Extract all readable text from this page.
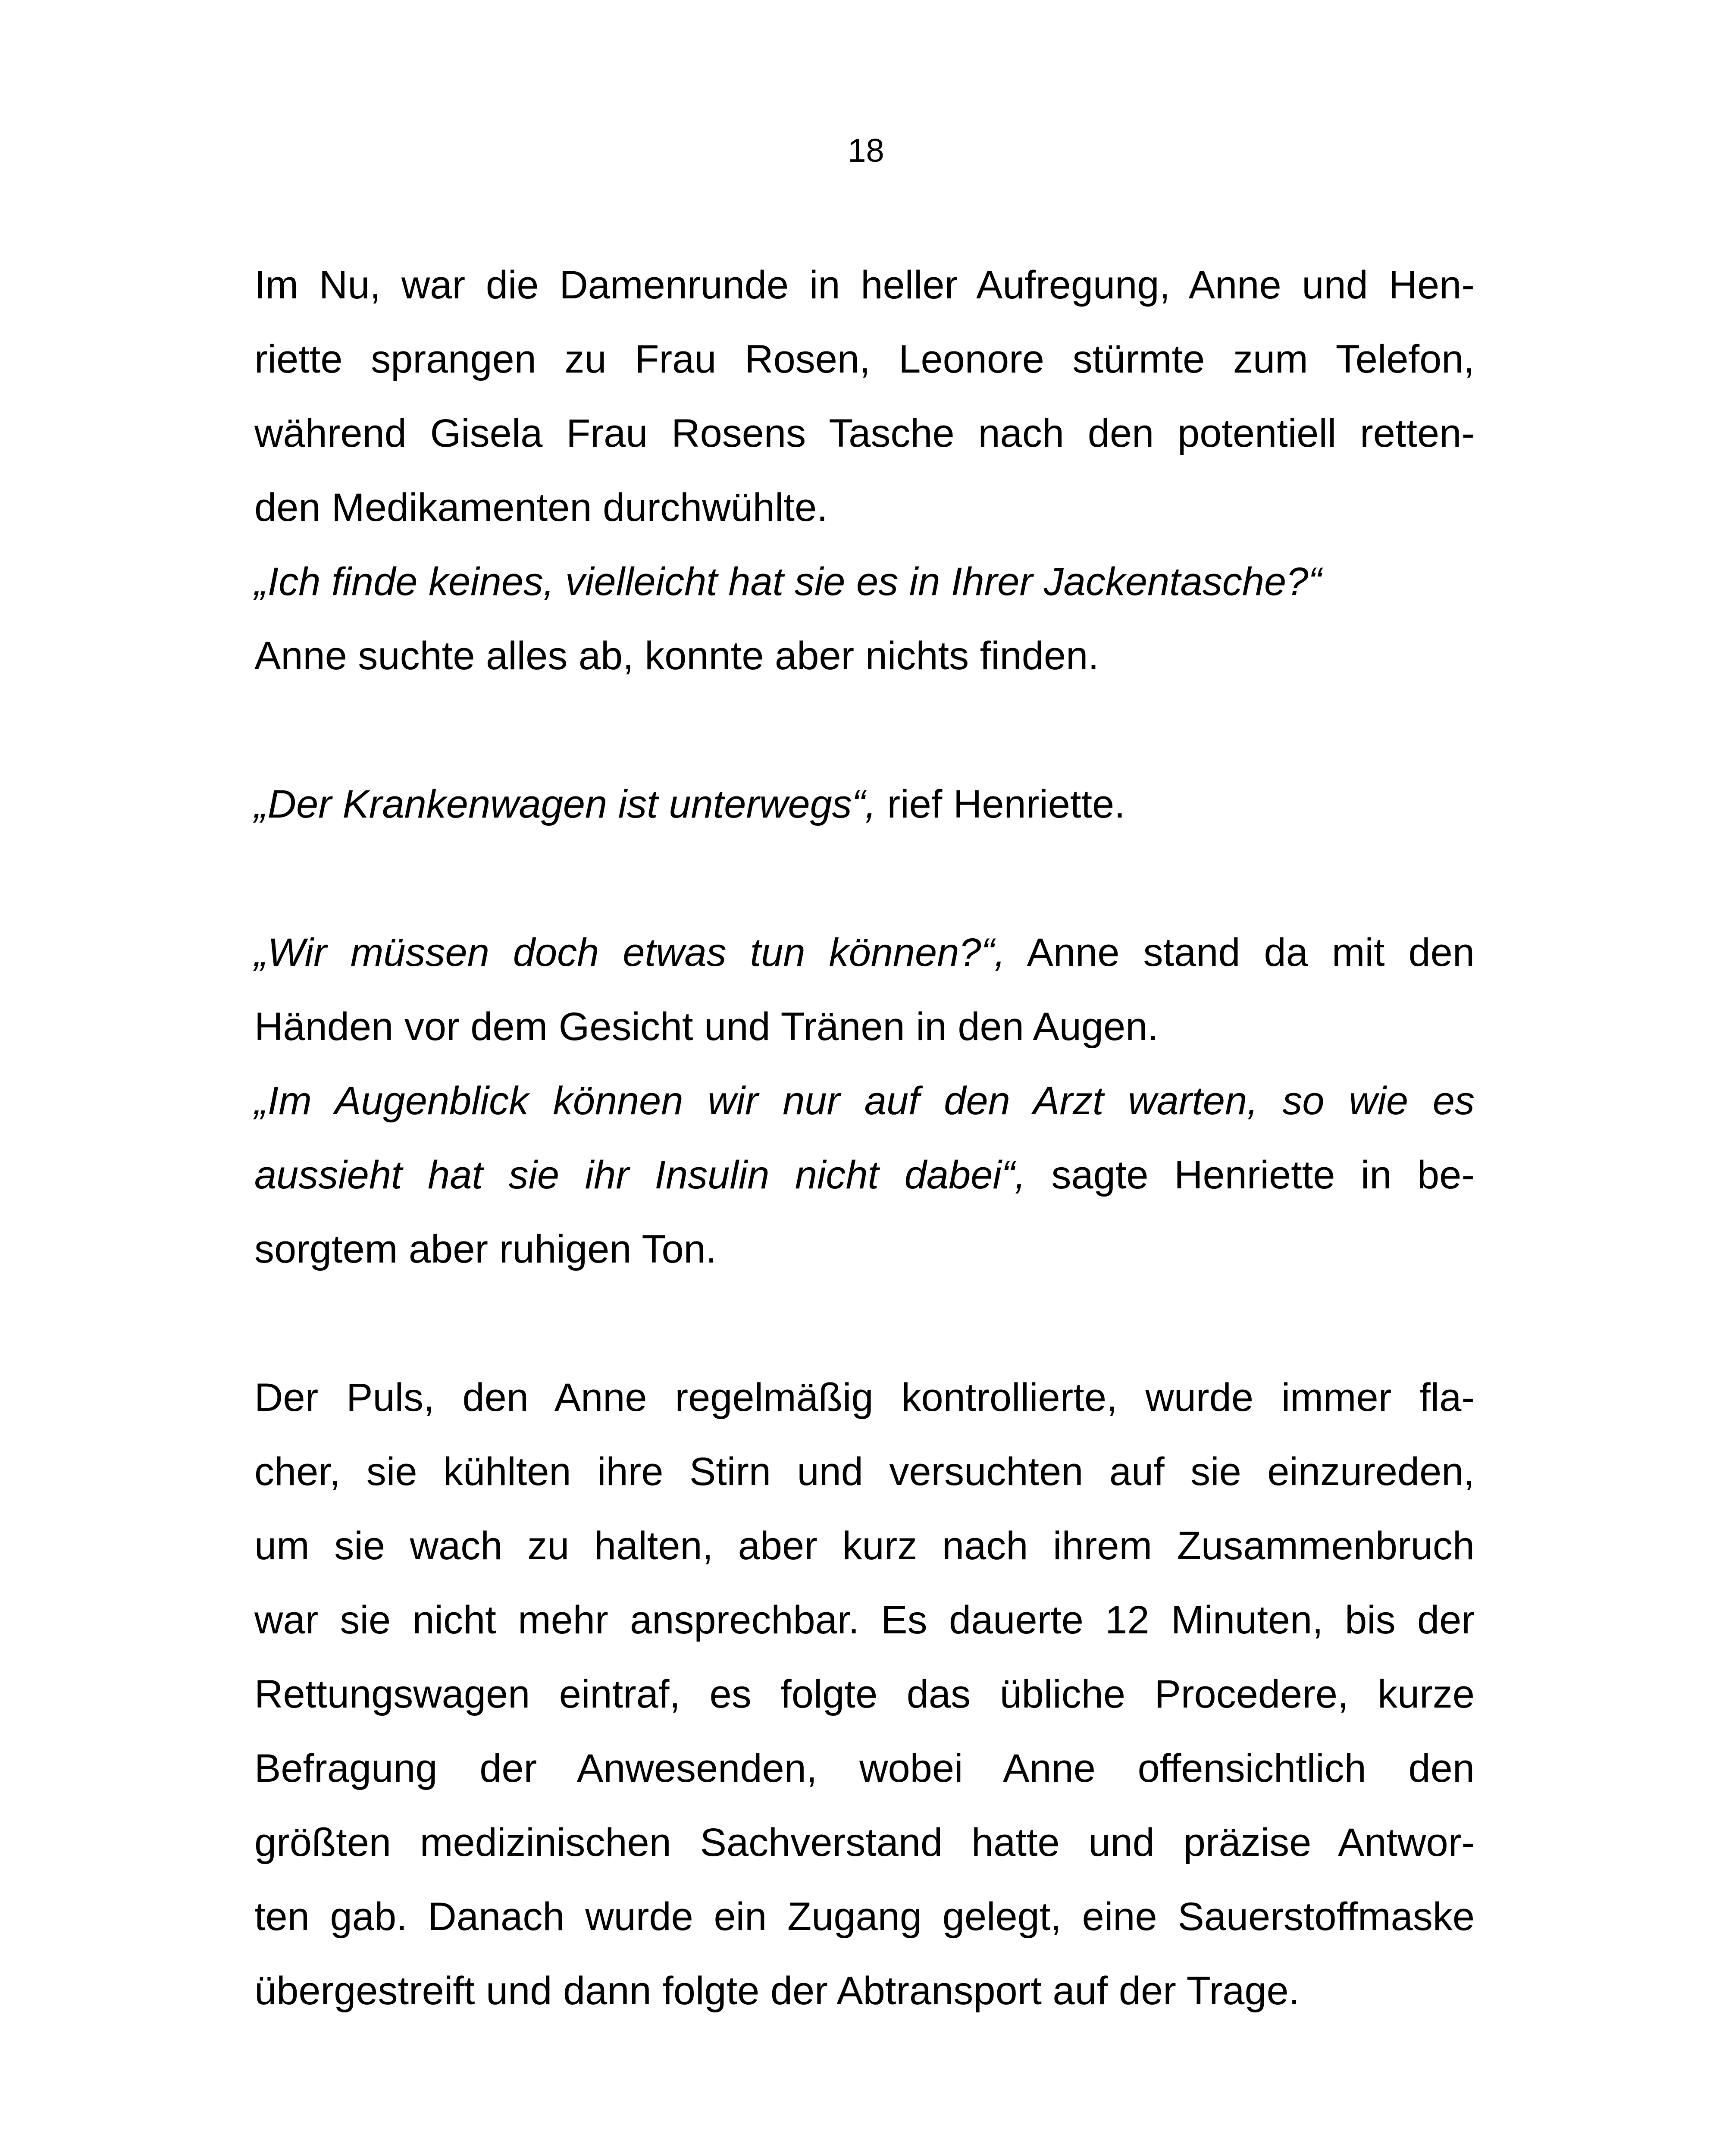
18
Im Nu, war die Damenrunde in heller Aufregung, Anne und Hen-
riette sprangen zu Frau Rosen, Leonore stürmte zum Telefon,
während Gisela Frau Rosens Tasche nach den potentiell retten-
den Medikamenten durchwühlte.
„Ich finde keines, vielleicht hat sie es in Ihrer Jackentasche?“
Anne suchte alles ab, konnte aber nichts finden.
„Der Krankenwagen ist unterwegs“, rief Henriette.
„Wir müssen doch etwas tun können?“, Anne stand da mit den
Händen vor dem Gesicht und Tränen in den Augen.
„Im Augenblick können wir nur auf den Arzt warten, so wie es
aussieht hat sie ihr Insulin nicht dabei“, sagte Henriette in be-
sorgtem aber ruhigen Ton.
Der Puls, den Anne regelmäßig kontrollierte, wurde immer fla-
cher, sie kühlten ihre Stirn und versuchten auf sie einzureden,
um sie wach zu halten, aber kurz nach ihrem Zusammenbruch
war sie nicht mehr ansprechbar. Es dauerte 12 Minuten, bis der
Rettungswagen eintraf, es folgte das übliche Procedere, kurze
Befragung der Anwesenden, wobei Anne offensichtlich den
größten medizinischen Sachverstand hatte und präzise Antwor-
ten gab. Danach wurde ein Zugang gelegt, eine Sauerstoffmaske
übergestreift und dann folgte der Abtransport auf der Trage.
